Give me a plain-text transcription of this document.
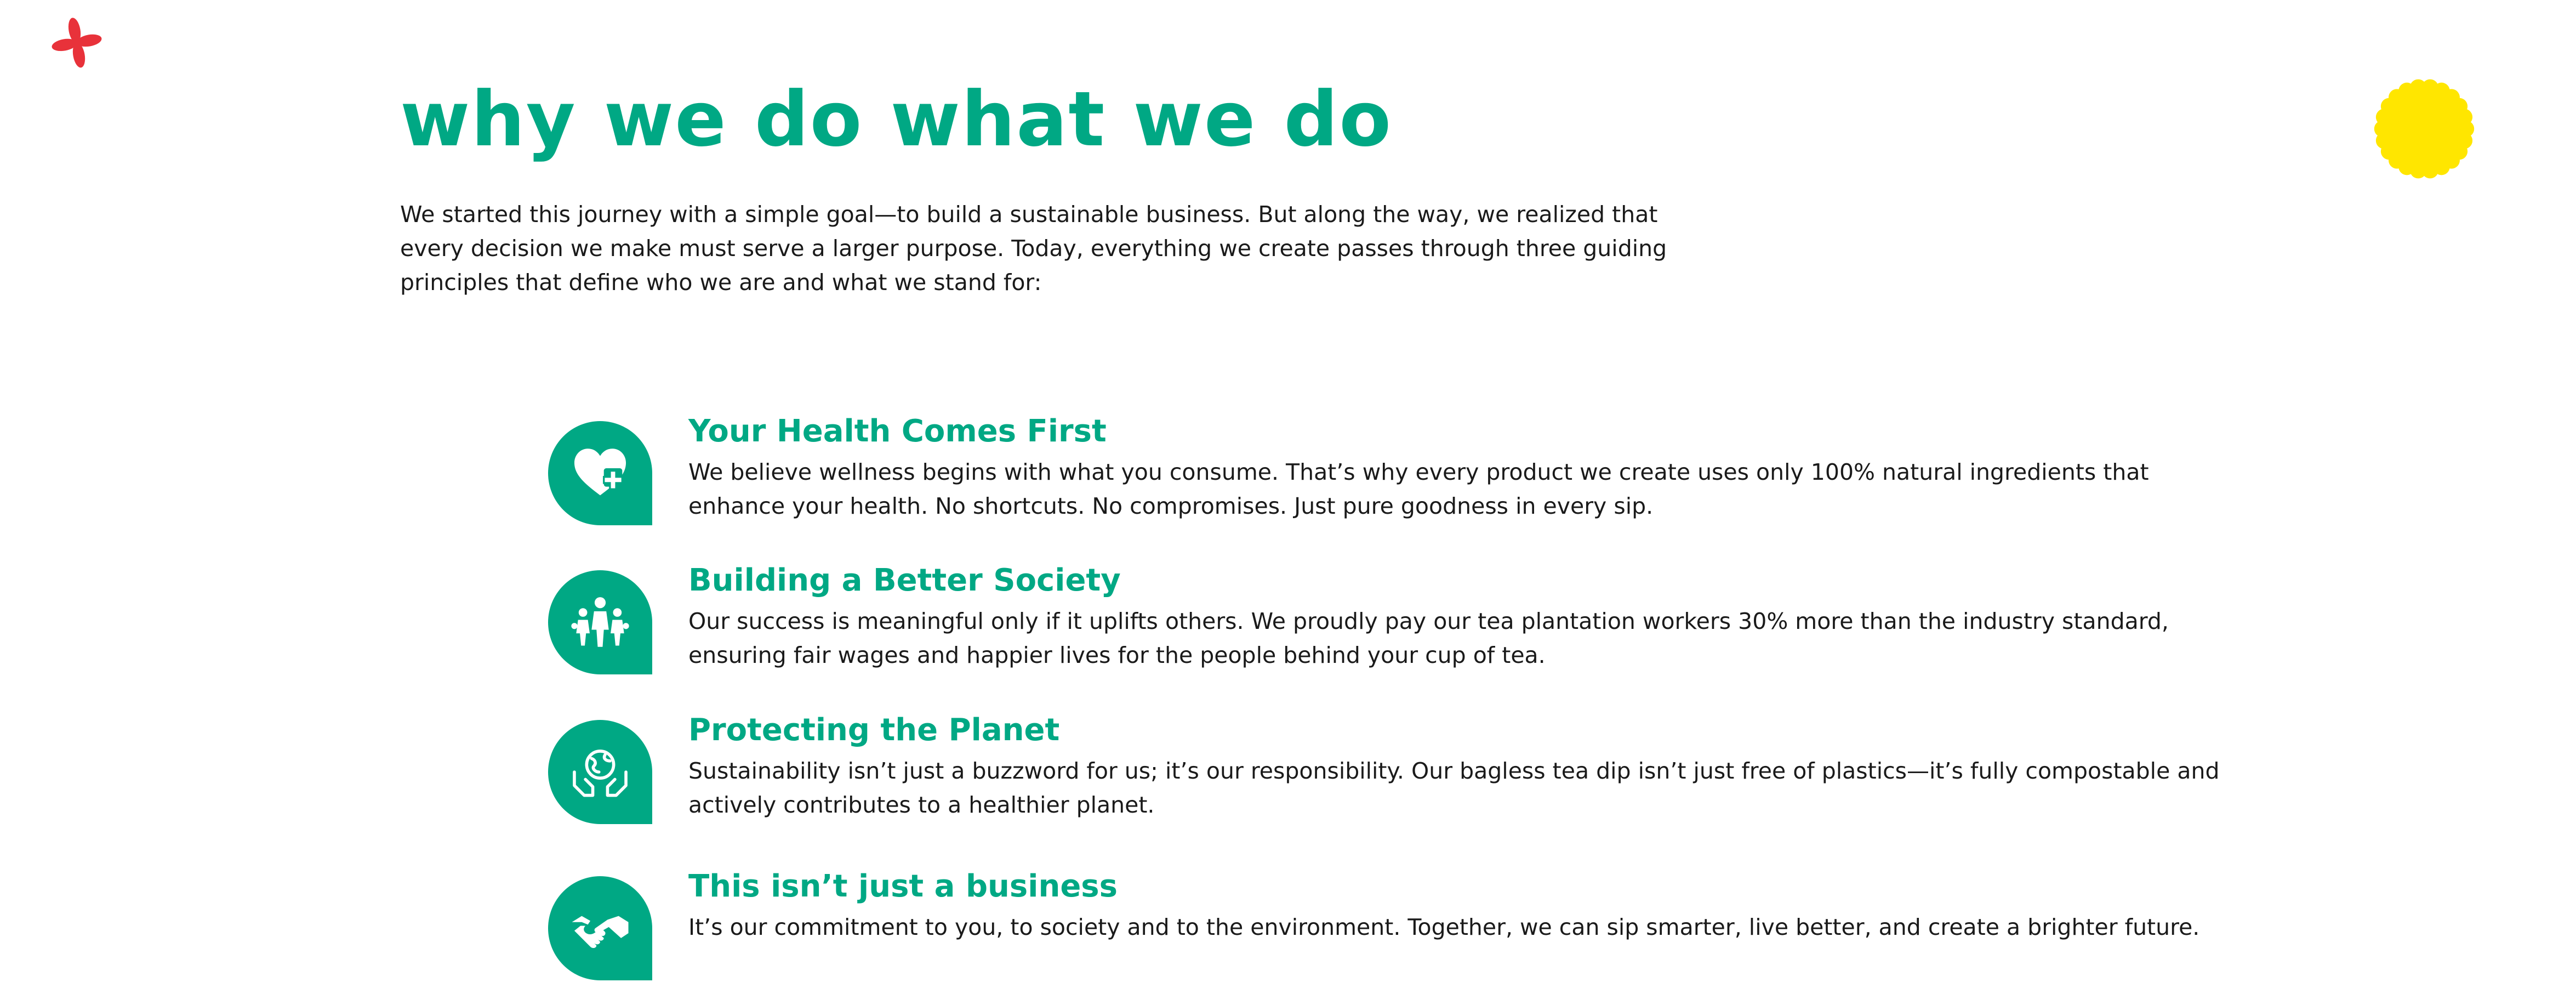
why we do what we do

We started this journey with a simple goal—to build a sustainable business. But along the way, we realized that every decision we make must serve a larger purpose. Today, everything we create passes through three guiding principles that define who we are and what we stand for:

Your Health Comes First

We believe wellness begins with what you consume. That’s why every product we create uses only 100% natural ingredients that enhance your health. No shortcuts. No compromises. Just pure goodness in every sip.

Building a Better Society

Our success is meaningful only if it uplifts others. We proudly pay our tea plantation workers 30% more than the industry standard, ensuring fair wages and happier lives for the people behind your cup of tea.

Protecting the Planet

Sustainability isn’t just a buzzword for us; it’s our responsibility. Our bagless tea dip isn’t just free of plastics—it’s fully compostable and actively contributes to a healthier planet.

This isn’t just a business

It’s our commitment to you, to society and to the environment. Together, we can sip smarter, live better, and create a brighter future.
